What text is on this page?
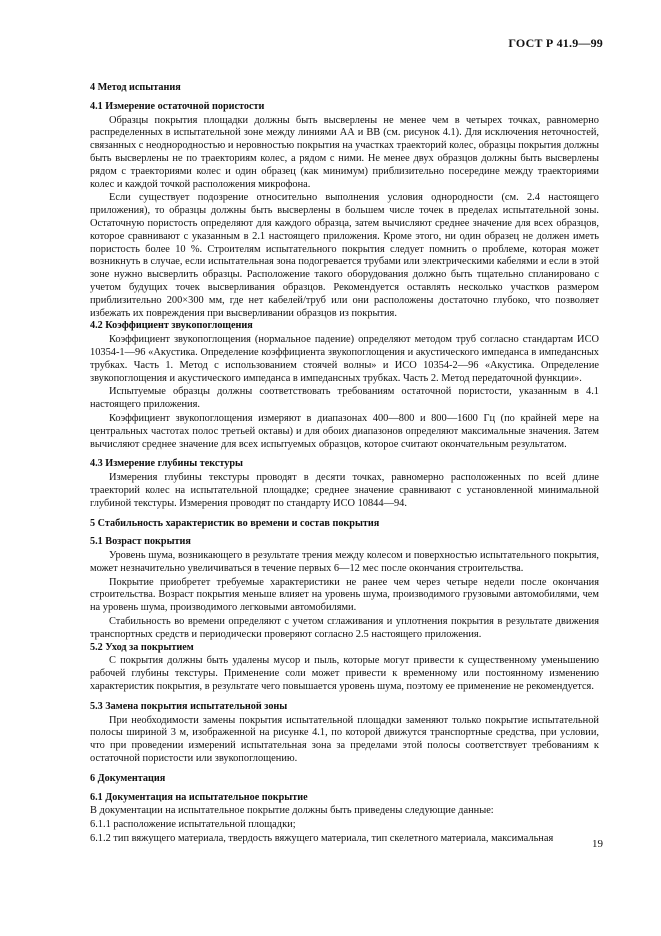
ГОСТ Р 41.9—99
4 Метод испытания
4.1 Измерение остаточной пористости

Образцы покрытия площадки должны быть высверлены не менее чем в четырех точках, равномерно распределенных в испытательной зоне между линиями АА и ВВ (см. рисунок 4.1). Для исключения неточностей, связанных с неоднородностью и неровностью покрытия на участках траекторий колес, образцы покрытия должны быть высверлены не по траекториям колес, а рядом с ними. Не менее двух образцов должны быть высверлены рядом с траекториями колес и один образец (как минимум) приблизительно посередине между траекториями колес и каждой точкой расположения микрофона.

Если существует подозрение относительно выполнения условия однородности (см. 2.4 настоящего приложения), то образцы должны быть высверлены в большем числе точек в пределах испытательной зоны. Остаточную пористость определяют для каждого образца, затем вычисляют среднее значение для всех образцов, которое сравнивают с указанным в 2.1 настоящего приложения. Кроме этого, ни один образец не должен иметь пористость более 10 %. Строителям испытательного покрытия следует помнить о проблеме, которая может возникнуть в случае, если испытательная зона подогревается трубами или электрическими кабелями и если в этой зоне нужно высверлить образцы. Расположение такого оборудования должно быть тщательно спланировано с учетом будущих точек высверливания образцов. Рекомендуется оставлять несколько участков размером приблизительно 200×300 мм, где нет кабелей/труб или они расположены достаточно глубоко, что позволяет избежать их повреждения при высверливании образцов из покрытия.

4.2 Коэффициент звукопоглощения

Коэффициент звукопоглощения (нормальное падение) определяют методом труб согласно стандартам ИСО 10354-1—96 «Акустика. Определение коэффициента звукопоглощения и акустического импеданса в импедансных трубках. Часть 1. Метод с использованием стоячей волны» и ИСО 10354-2—96 «Акустика. Определение звукопоглощения и акустического импеданса в импедансных трубках. Часть 2. Метод передаточной функции».

Испытуемые образцы должны соответствовать требованиям остаточной пористости, указанным в 4.1 настоящего приложения.

Коэффициент звукопоглощения измеряют в диапазонах 400—800 и 800—1600 Гц (по крайней мере на центральных частотах полос третьей октавы) и для обоих диапазонов определяют максимальные значения. Затем вычисляют среднее значение для всех испытуемых образцов, которое считают окончательным результатом.

4.3 Измерение глубины текстуры

Измерения глубины текстуры проводят в десяти точках, равномерно расположенных по всей длине траекторий колес на испытательной площадке; среднее значение сравнивают с установленной минимальной глубиной текстуры. Измерения проводят по стандарту ИСО 10844—94.

5 Стабильность характеристик во времени и состав покрытия
5.1 Возраст покрытия

Уровень шума, возникающего в результате трения между колесом и поверхностью испытательного покрытия, может незначительно увеличиваться в течение первых 6—12 мес после окончания строительства.

Покрытие приобретет требуемые характеристики не ранее чем через четыре недели после окончания строительства. Возраст покрытия меньше влияет на уровень шума, производимого грузовыми автомобилями, чем на уровень шума, производимого легковыми автомобилями.

Стабильность во времени определяют с учетом сглаживания и уплотнения покрытия в результате движения транспортных средств и периодически проверяют согласно 2.5 настоящего приложения.

5.2 Уход за покрытием

С покрытия должны быть удалены мусор и пыль, которые могут привести к существенному уменьшению рабочей глубины текстуры. Применение соли может привести к временному или постоянному изменению характеристик покрытия, в результате чего повышается уровень шума, поэтому ее применение не рекомендуется.

5.3 Замена покрытия испытательной зоны

При необходимости замены покрытия испытательной площадки заменяют только покрытие испытательной полосы шириной 3 м, изображенной на рисунке 4.1, по которой движутся транспортные средства, при условии, что при проведении измерений испытательная зона за пределами этой полосы соответствует требованиям к остаточной пористости или звукопоглощению.

6 Документация
6.1 Документация на испытательное покрытие

В документации на испытательное покрытие должны быть приведены следующие данные:

6.1.1 расположение испытательной площадки;

6.1.2 тип вяжущего материала, твердость вяжущего материала, тип скелетного материала, максимальная	19
